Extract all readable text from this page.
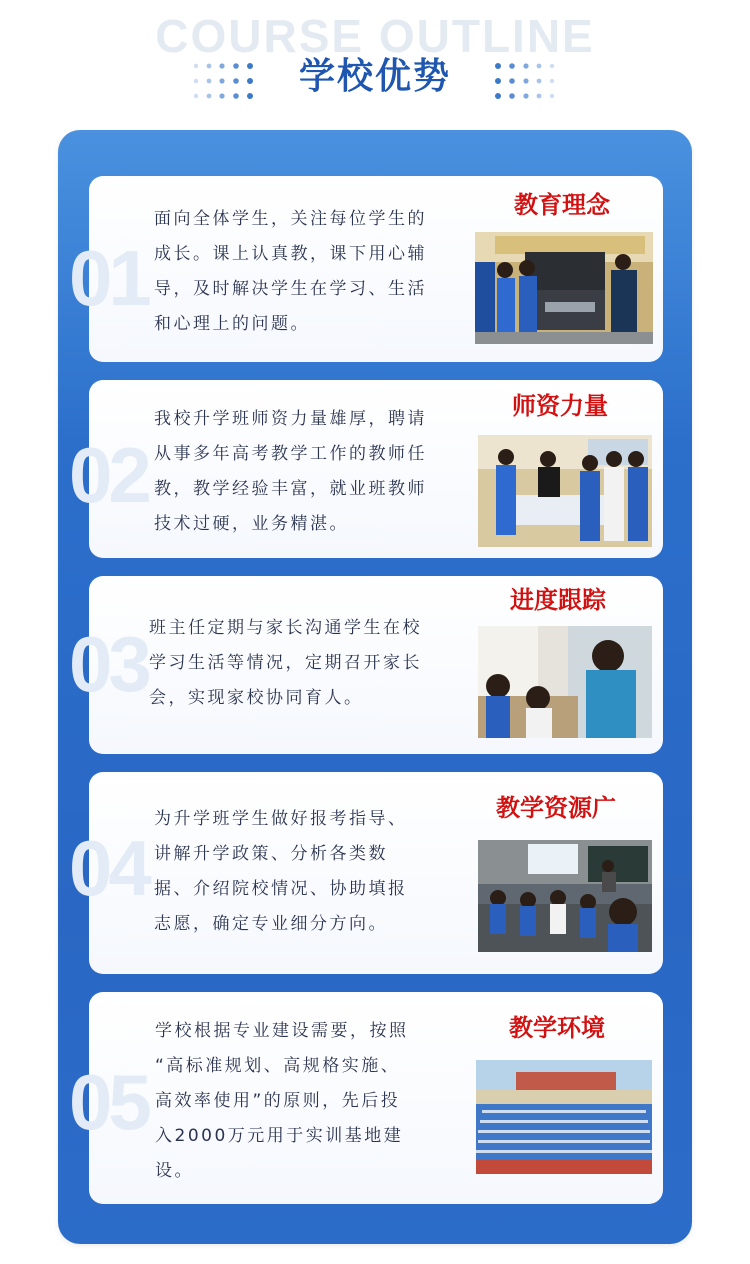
COURSE OUTLINE
学校优势
01
面向全体学生，关注每位学生的
成长。课上认真教，课下用心辅
导，及时解决学生在学习、生活
和心理上的问题。
教育理念
02
我校升学班师资力量雄厚，聘请
从事多年高考教学工作的教师任
教，教学经验丰富，就业班教师
技术过硬，业务精湛。
师资力量
03 班主任定期与家长沟通学生在校
学习生活等情况，定期召开家长
会，实现家校协同育人。
进度跟踪
04
为升学班学生做好报考指导、
讲解升学政策、分析各类数
据、介绍院校情况、协助填报
志愿，确定专业细分方向。
教学资源广
05
学校根据专业建设需要，按照
“高标准规划、高规格实施、
高效率使用”的原则，先后投
入2000万元用于实训基地建
设。
教学环境
